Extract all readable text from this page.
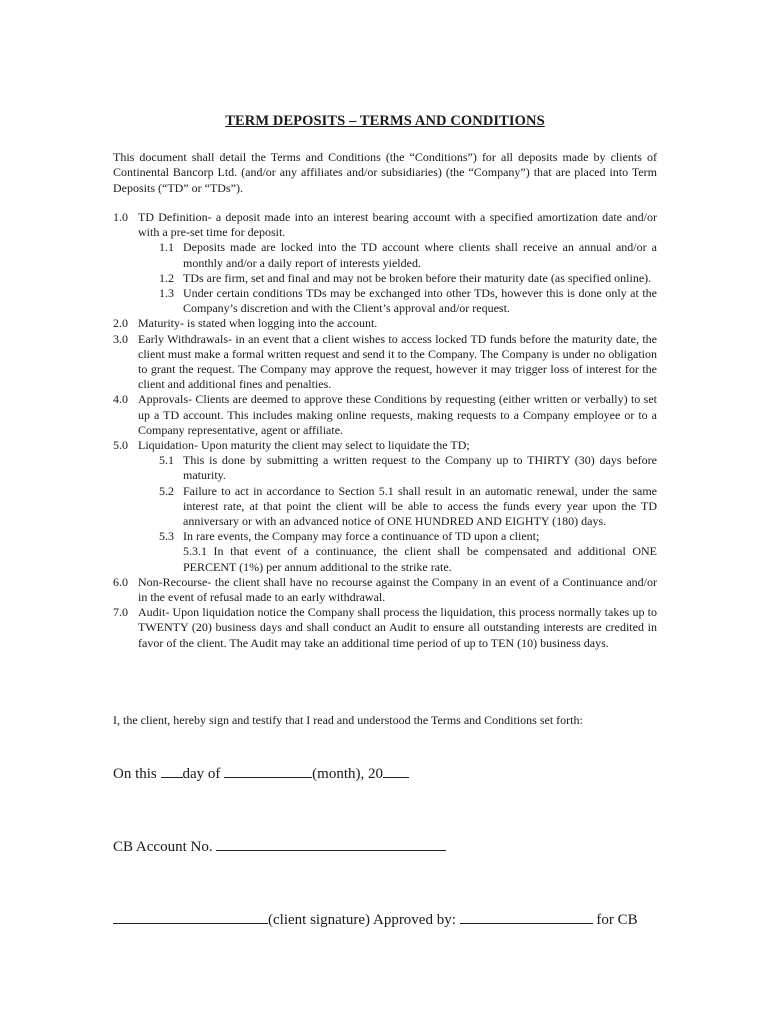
TERM DEPOSITS – TERMS AND CONDITIONS
This document shall detail the Terms and Conditions (the “Conditions”) for all deposits made by clients of Continental Bancorp Ltd. (and/or any affiliates and/or subsidiaries) (the “Company”) that are placed into Term Deposits (“TD” or “TDs”).
1.0 TD Definition- a deposit made into an interest bearing account with a specified amortization date and/or with a pre-set time for deposit.
1.1 Deposits made are locked into the TD account where clients shall receive an annual and/or a monthly and/or a daily report of interests yielded.
1.2 TDs are firm, set and final and may not be broken before their maturity date (as specified online).
1.3 Under certain conditions TDs may be exchanged into other TDs, however this is done only at the Company’s discretion and with the Client’s approval and/or request.
2.0 Maturity- is stated when logging into the account.
3.0 Early Withdrawals- in an event that a client wishes to access locked TD funds before the maturity date, the client must make a formal written request and send it to the Company. The Company is under no obligation to grant the request. The Company may approve the request, however it may trigger loss of interest for the client and additional fines and penalties.
4.0 Approvals- Clients are deemed to approve these Conditions by requesting (either written or verbally) to set up a TD account. This includes making online requests, making requests to a Company employee or to a Company representative, agent or affiliate.
5.0 Liquidation- Upon maturity the client may select to liquidate the TD;
5.1 This is done by submitting a written request to the Company up to THIRTY (30) days before maturity.
5.2 Failure to act in accordance to Section 5.1 shall result in an automatic renewal, under the same interest rate, at that point the client will be able to access the funds every year upon the TD anniversary or with an advanced notice of ONE HUNDRED AND EIGHTY (180) days.
5.3 In rare events, the Company may force a continuance of TD upon a client;
5.3.1 In that event of a continuance, the client shall be compensated and additional ONE PERCENT (1%) per annum additional to the strike rate.
6.0 Non-Recourse- the client shall have no recourse against the Company in an event of a Continuance and/or in the event of refusal made to an early withdrawal.
7.0 Audit- Upon liquidation notice the Company shall process the liquidation, this process normally takes up to TWENTY (20) business days and shall conduct an Audit to ensure all outstanding interests are credited in favor of the client. The Audit may take an additional time period of up to TEN (10) business days.
I, the client, hereby sign and testify that I read and understood the Terms and Conditions set forth:
On this day of	(month), 20
CB Account No.
(client signature) Approved by:	for CB
